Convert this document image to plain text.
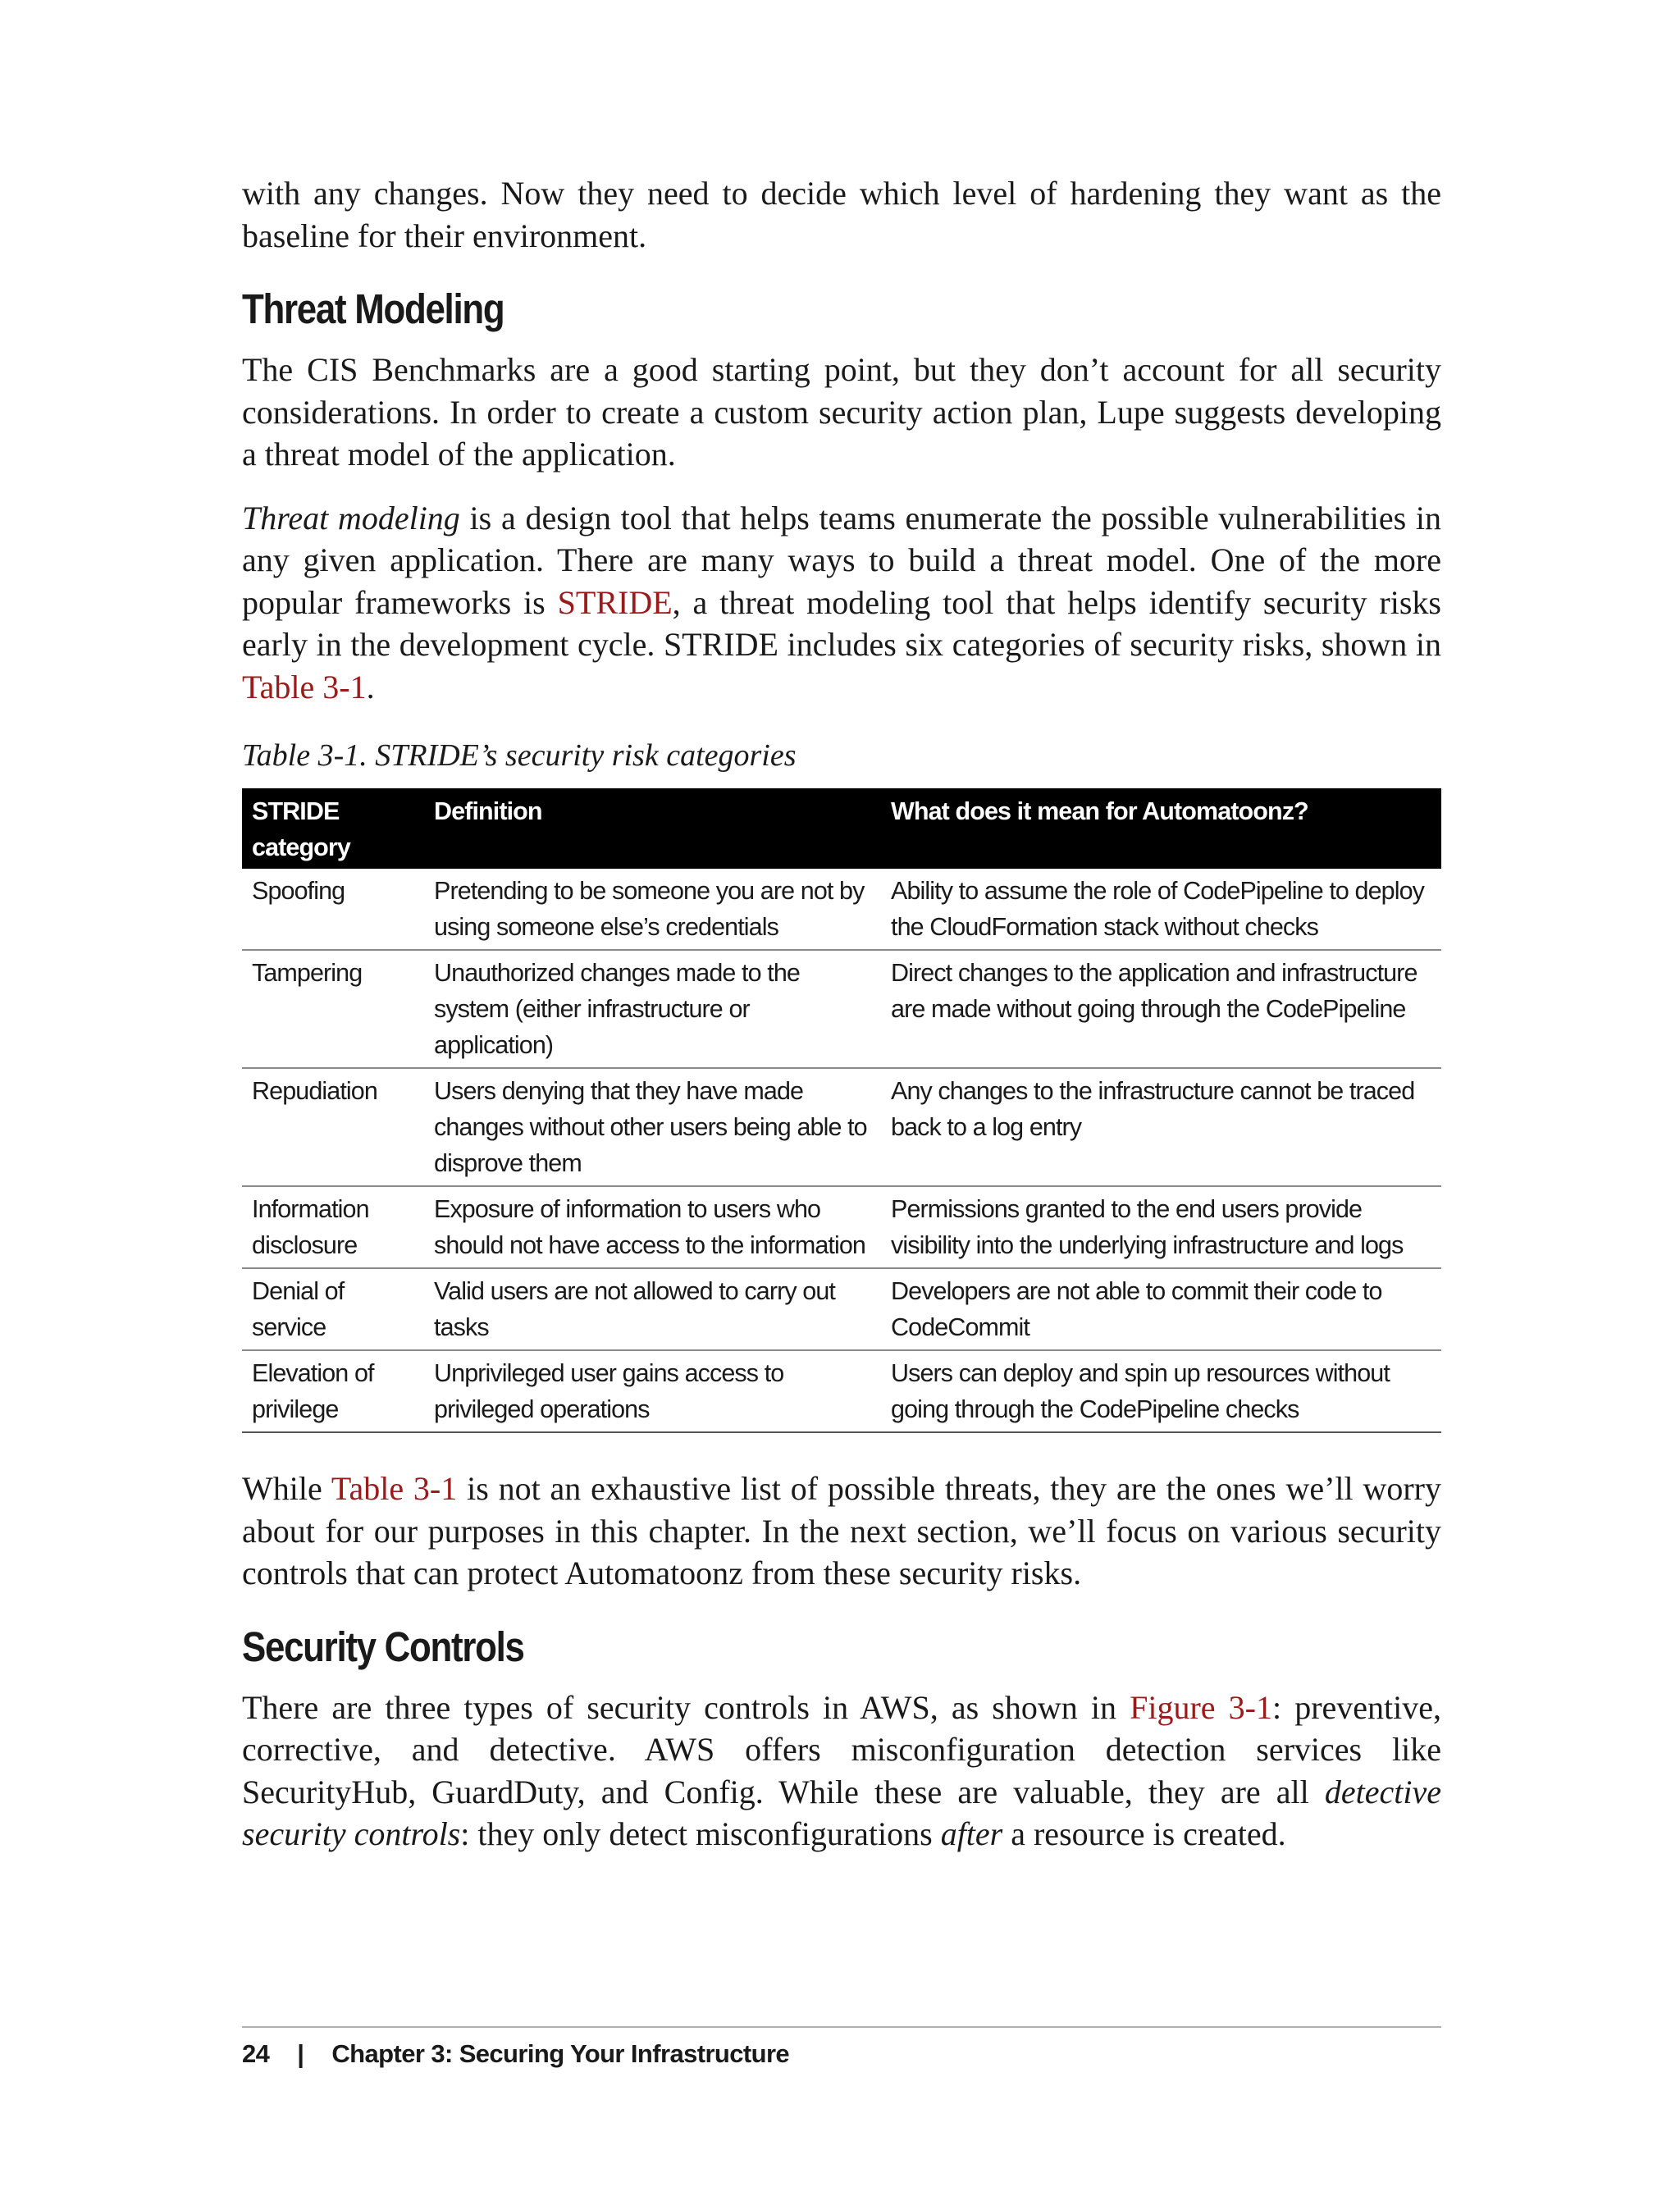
with any changes. Now they need to decide which level of hardening they want as the baseline for their environment.

Threat Modeling

The CIS Benchmarks are a good starting point, but they don’t account for all security considerations. In order to create a custom security action plan, Lupe suggests developing a threat model of the application.

Threat modeling is a design tool that helps teams enumerate the possible vulnerabilities in any given application. There are many ways to build a threat model. One of the more popular frameworks is STRIDE, a threat modeling tool that helps identify security risks early in the development cycle. STRIDE includes six categories of security risks, shown in Table 3-1.

Table 3-1. STRIDE’s security risk categories

STRIDE category	Definition	What does it mean for Automatoonz?
Spoofing	Pretending to be someone you are not by using someone else’s credentials	Ability to assume the role of CodePipeline to deploy the CloudFormation stack without checks
Tampering	Unauthorized changes made to the system (either infrastructure or application)	Direct changes to the application and infrastructure are made without going through the CodePipeline
Repudiation	Users denying that they have made changes without other users being able to disprove them	Any changes to the infrastructure cannot be traced back to a log entry
Information disclosure	Exposure of information to users who should not have access to the information	Permissions granted to the end users provide visibility into the underlying infrastructure and logs
Denial of service	Valid users are not allowed to carry out tasks	Developers are not able to commit their code to CodeCommit
Elevation of privilege	Unprivileged user gains access to privileged operations	Users can deploy and spin up resources without going through the CodePipeline checks

While Table 3-1 is not an exhaustive list of possible threats, they are the ones we’ll worry about for our purposes in this chapter. In the next section, we’ll focus on various security controls that can protect Automatoonz from these security risks.

Security Controls

There are three types of security controls in AWS, as shown in Figure 3-1: preventive, corrective, and detective. AWS offers misconfiguration detection services like SecurityHub, GuardDuty, and Config. While these are valuable, they are all detective security controls: they only detect misconfigurations after a resource is created.

24 | Chapter 3: Securing Your Infrastructure
